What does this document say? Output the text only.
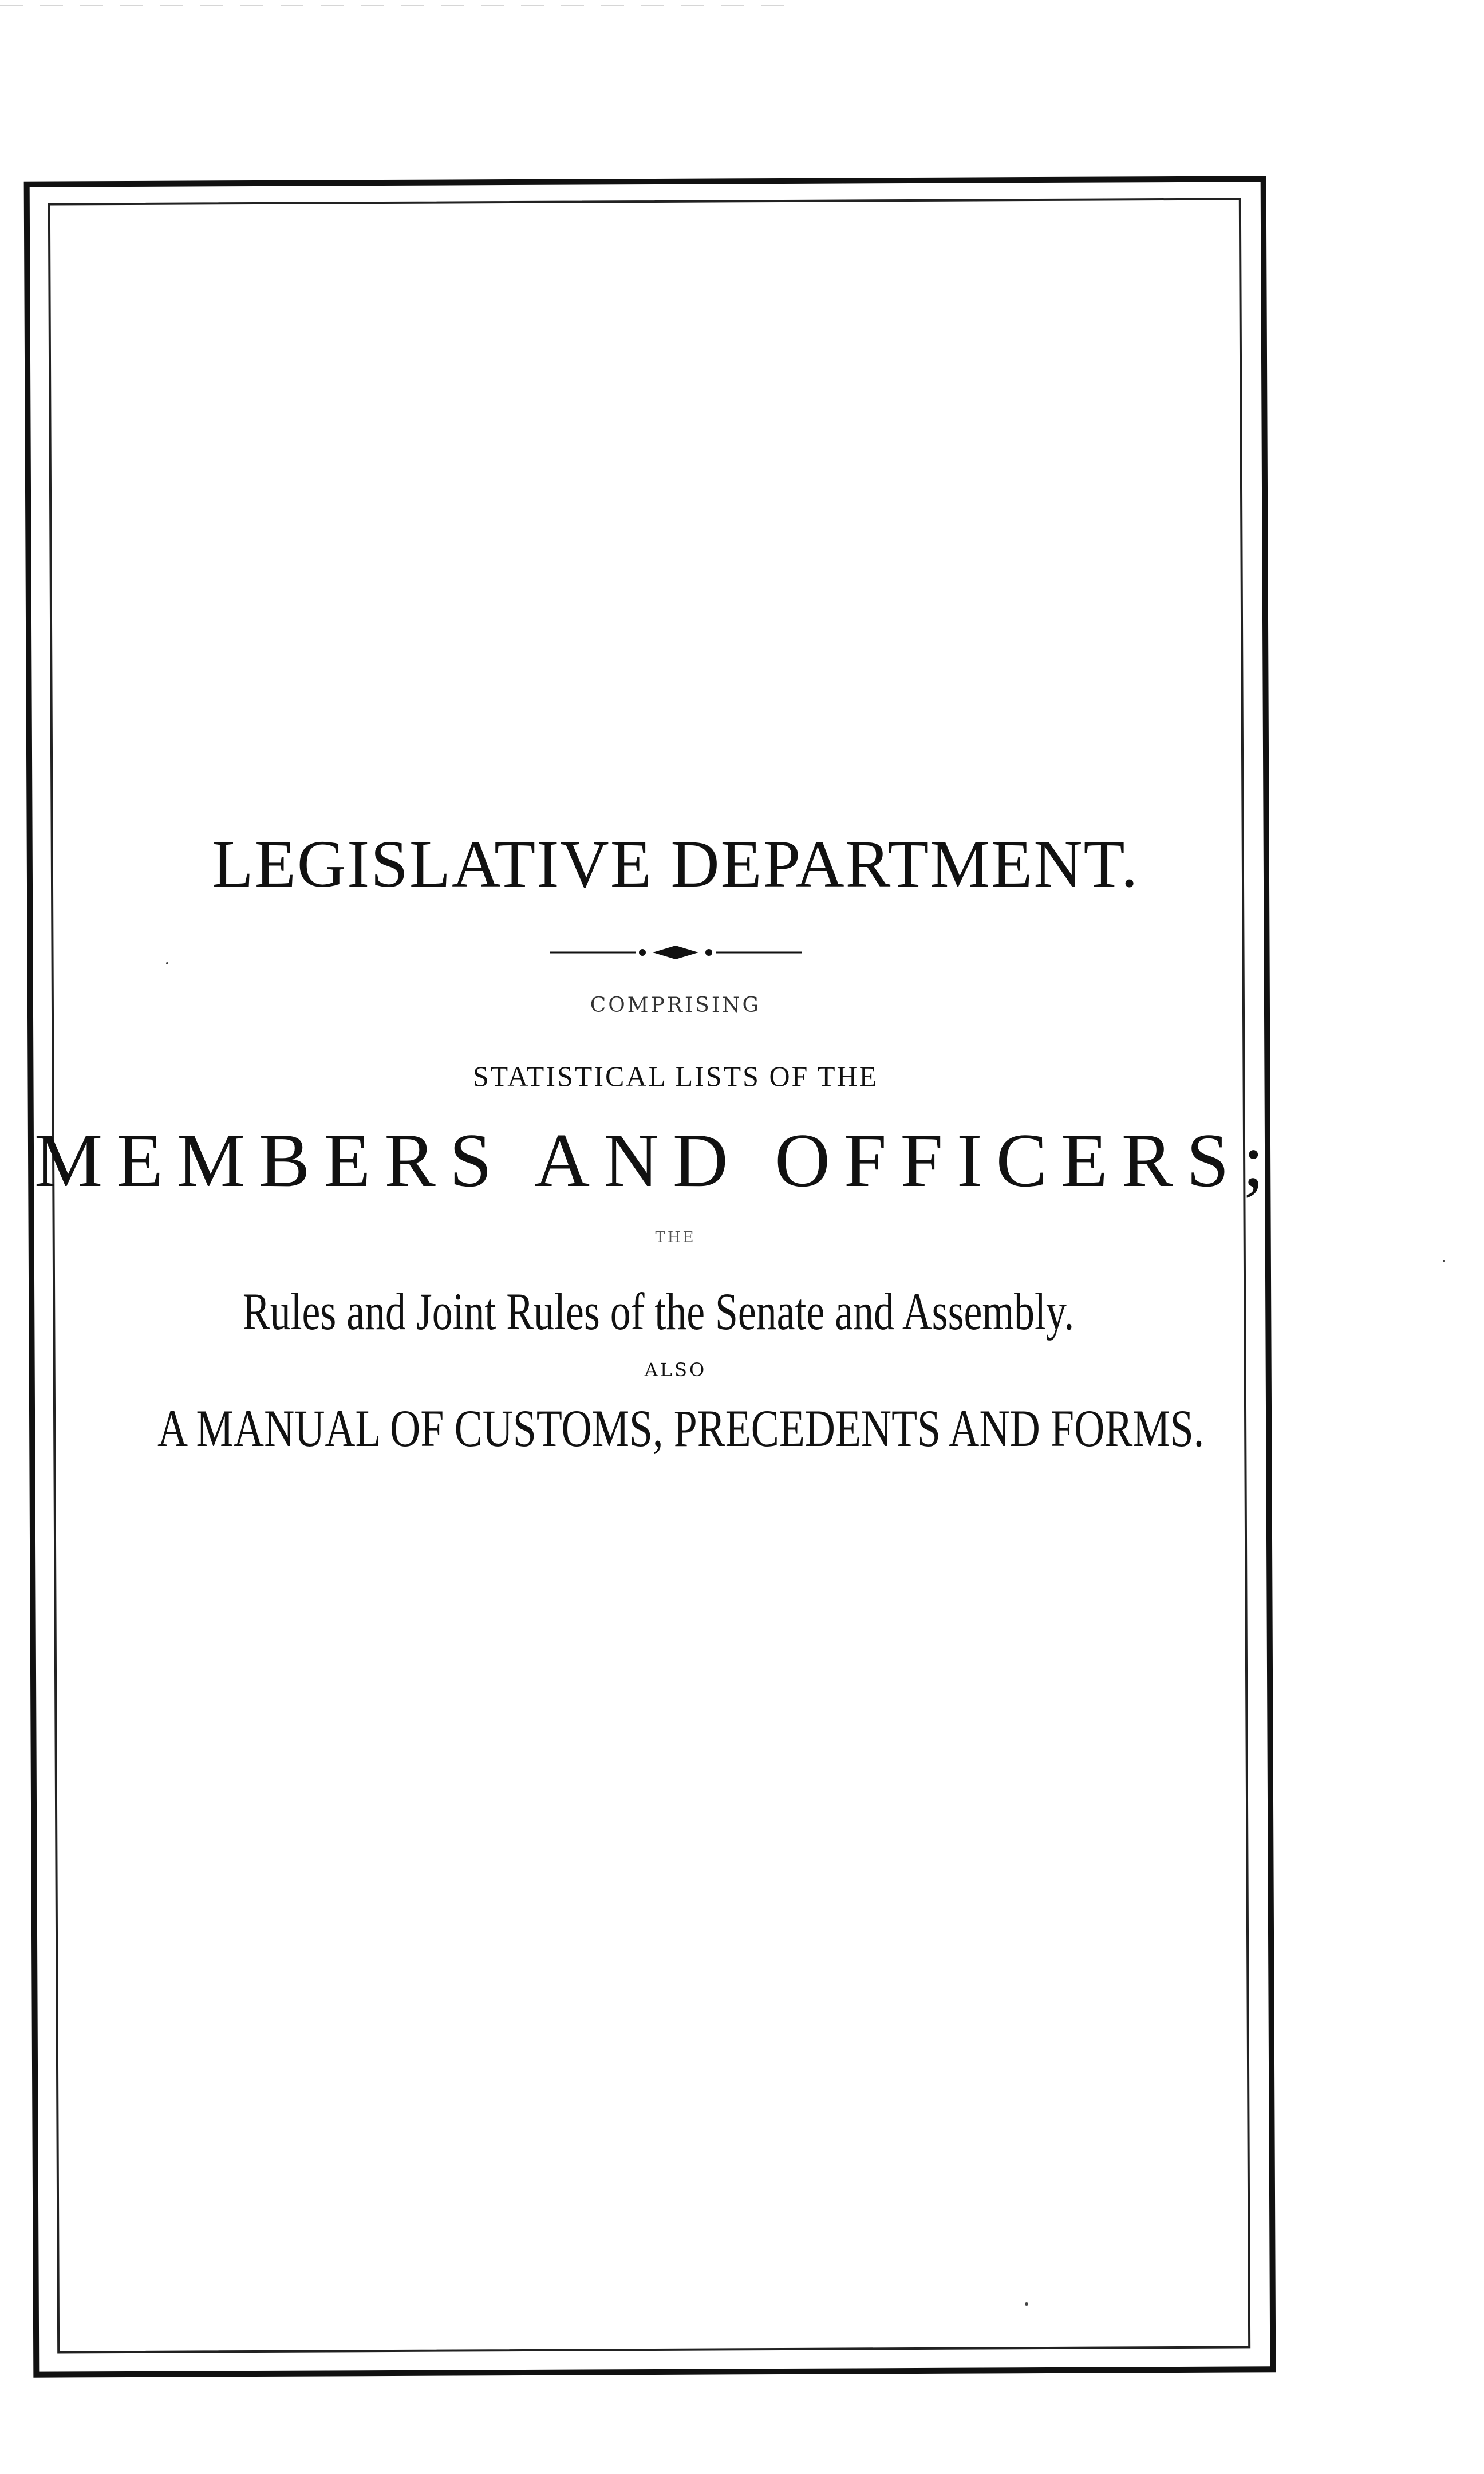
LEGISLATIVE DEPARTMENT.
COMPRISING
STATISTICAL LISTS OF THE
MEMBERS AND OFFICERS;
THE
Rules and Joint Rules of the Senate and Assembly.
ALSO
A MANUAL OF CUSTOMS, PRECEDENTS AND FORMS.
